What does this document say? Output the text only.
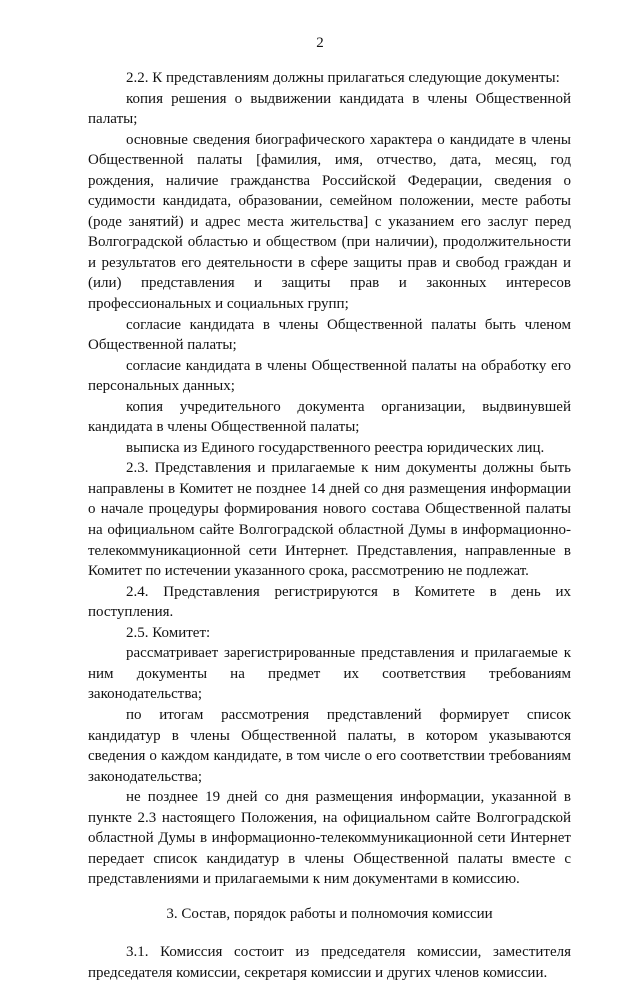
2

2.2. К представлениям должны прилагаться следующие документы:

копия решения о выдвижении кандидата в члены Общественной палаты;

основные сведения биографического характера о кандидате в члены Общественной палаты [фамилия, имя, отчество, дата, месяц, год рождения, наличие гражданства Российской Федерации, сведения о судимости кандидата, образовании, семейном положении, месте работы (роде занятий) и адрес места жительства] с указанием его заслуг перед Волгоградской областью и обществом (при наличии), продолжительности и результатов его деятельности в сфере защиты прав и свобод граждан и (или) представления и защиты прав и законных интересов профессиональных и социальных групп;

согласие кандидата в члены Общественной палаты быть членом Общественной палаты;

согласие кандидата в члены Общественной палаты на обработку его персональных данных;

копия учредительного документа организации, выдвинувшей кандидата в члены Общественной палаты;

выписка из Единого государственного реестра юридических лиц.

2.3. Представления и прилагаемые к ним документы должны быть направлены в Комитет не позднее 14 дней со дня размещения информации о начале процедуры формирования нового состава Общественной палаты на официальном сайте Волгоградской областной Думы в информационно-телекоммуникационной сети Интернет. Представления, направленные в Комитет по истечении указанного срока, рассмотрению не подлежат.

2.4. Представления регистрируются в Комитете в день их поступления.

2.5. Комитет:

рассматривает зарегистрированные представления и прилагаемые к ним документы на предмет их соответствия требованиям законодательства;

по итогам рассмотрения представлений формирует список кандидатур в члены Общественной палаты, в котором указываются сведения о каждом кандидате, в том числе о его соответствии требованиям законодательства;

не позднее 19 дней со дня размещения информации, указанной в пункте 2.3 настоящего Положения, на официальном сайте Волгоградской областной Думы в информационно-телекоммуникационной сети Интернет передает список кандидатур в члены Общественной палаты вместе с представлениями и прилагаемыми к ним документами в комиссию.

3. Состав, порядок работы и полномочия комиссии

3.1. Комиссия состоит из председателя комиссии, заместителя председателя комиссии, секретаря комиссии и других членов комиссии.
